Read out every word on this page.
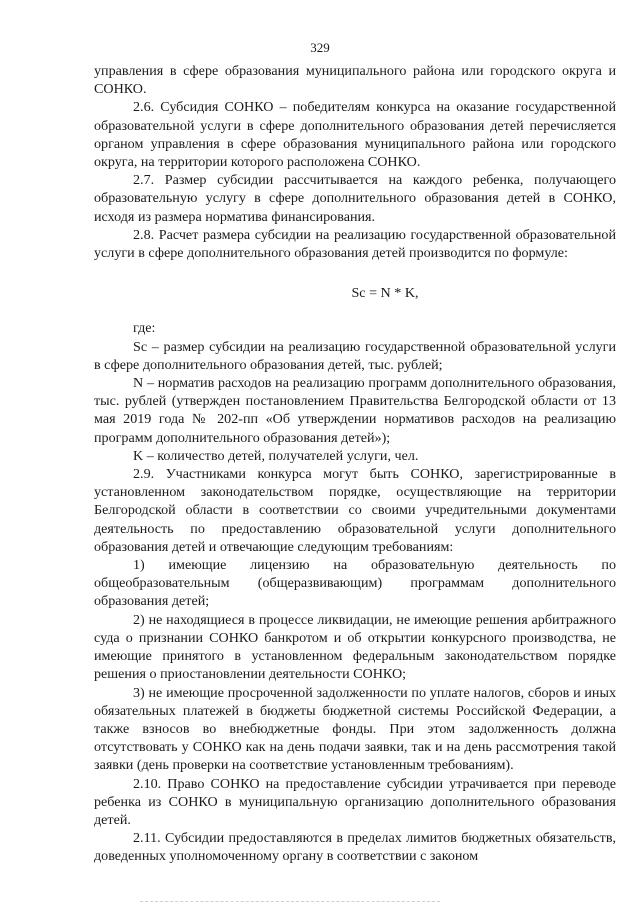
329

управления в сфере образования муниципального района или городского округа и СОНКО.

2.6. Субсидия СОНКО – победителям конкурса на оказание государственной образовательной услуги в сфере дополнительного образования детей перечисляется органом управления в сфере образования муниципального района или городского округа, на территории которого расположена СОНКО.

2.7. Размер субсидии рассчитывается на каждого ребенка, получающего образовательную услугу в сфере дополнительного образования детей в СОНКО, исходя из размера норматива финансирования.

2.8. Расчет размера субсидии на реализацию государственной образовательной услуги в сфере дополнительного образования детей производится по формуле:

Sc = N * K,

где:

Sc – размер субсидии на реализацию государственной образовательной услуги в сфере дополнительного образования детей, тыс. рублей;

N – норматив расходов на реализацию программ дополнительного образования, тыс. рублей (утвержден постановлением Правительства Белгородской области от 13 мая 2019 года № 202-пп «Об утверждении нормативов расходов на реализацию программ дополнительного образования детей»);

K – количество детей, получателей услуги, чел.

2.9. Участниками конкурса могут быть СОНКО, зарегистрированные в установленном законодательством порядке, осуществляющие на территории Белгородской области в соответствии со своими учредительными документами деятельность по предоставлению образовательной услуги дополнительного образования детей и отвечающие следующим требованиям:

1) имеющие лицензию на образовательную деятельность по общеобразовательным (общеразвивающим) программам дополнительного образования детей;

2) не находящиеся в процессе ликвидации, не имеющие решения арбитражного суда о признании СОНКО банкротом и об открытии конкурсного производства, не имеющие принятого в установленном федеральным законодательством порядке решения о приостановлении деятельности СОНКО;

3) не имеющие просроченной задолженности по уплате налогов, сборов и иных обязательных платежей в бюджеты бюджетной системы Российской Федерации, а также взносов во внебюджетные фонды. При этом задолженность должна отсутствовать у СОНКО как на день подачи заявки, так и на день рассмотрения такой заявки (день проверки на соответствие установленным требованиям).

2.10. Право СОНКО на предоставление субсидии утрачивается при переводе ребенка из СОНКО в муниципальную организацию дополнительного образования детей.

2.11. Субсидии предоставляются в пределах лимитов бюджетных обязательств, доведенных уполномоченному органу в соответствии с законом
